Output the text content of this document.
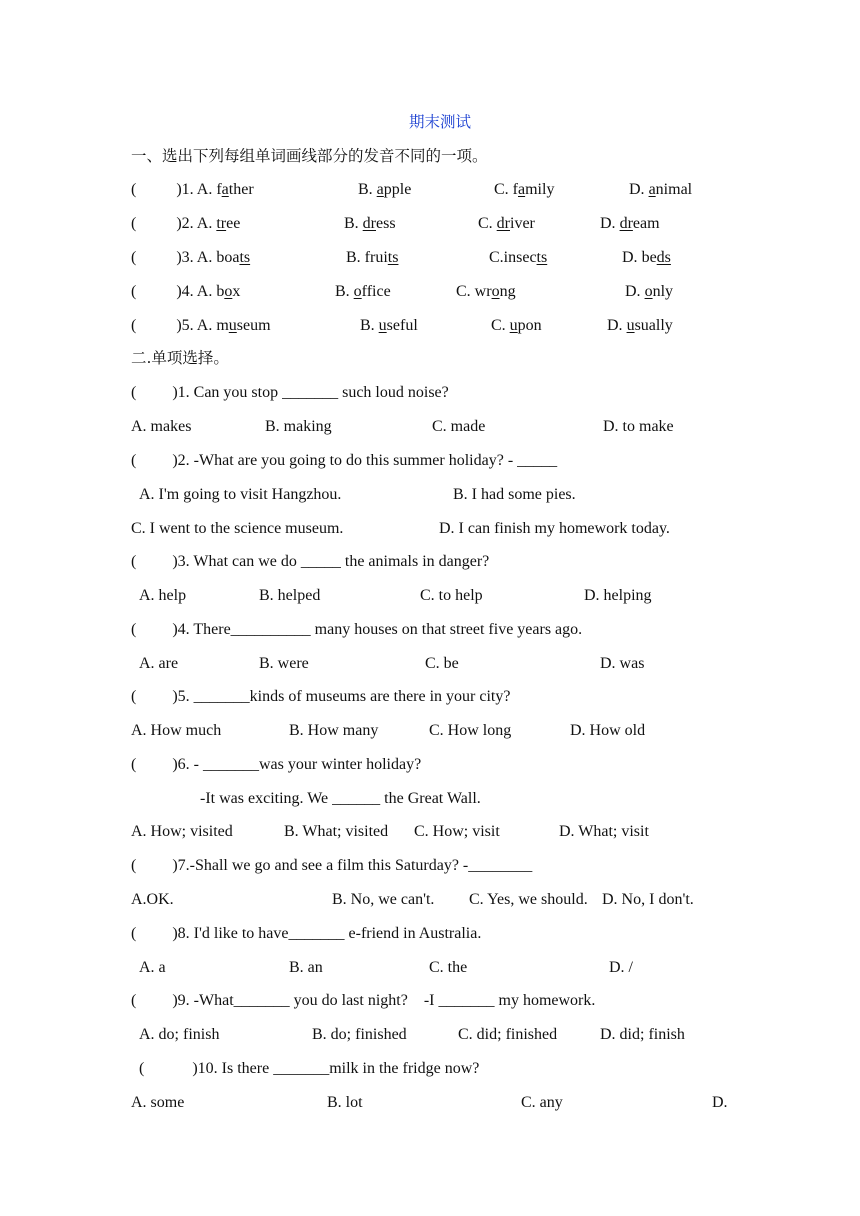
期末测试
一、选出下列每组单词画线部分的发音不同的一项。
(          )1. A. father	B. apple	C. family	D. animal
(          )2. A. tree	B. dress	C. driver	D. dream
(          )3. A. boats	B. fruits	C.insects	D. beds
(          )4. A. box	B. office	C. wrong	D. only
(          )5. A. museum	B. useful	C. upon	D. usually
二.单项选择。
(         )1. Can you stop _______ such loud noise?
A. makes	B. making	C. made	D. to make
(         )2. -What are you going to do this summer holiday? - _____
A. I'm going to visit Hangzhou.	B. I had some pies.
C. I went to the science museum.	D. I can finish my homework today.
(         )3. What can we do _____ the animals in danger?
A. help	B. helped	C. to help	D. helping
(         )4. There__________ many houses on that street five years ago.
A. are	B. were	C. be	D. was
(         )5. _______kinds of museums are there in your city?
A. How much	B. How many	C. How long	D. How old
(         )6. - _______was your winter holiday?
-It was exciting. We ______ the Great Wall.
A. How; visited	B. What; visited C. How; visit	D. What; visit
(         )7.-Shall we go and see a film this Saturday? -________
A.OK.	B. No, we can't. C. Yes, we should. D. No, I don't.
(         )8. I'd like to have_______ e-friend in Australia.
A. a	B. an	C. the	D. /
(         )9. -What_______ you do last night?    -I _______ my homework.
A. do; finish	B. do; finished	C. did; finished	D. did; finish
(            )10. Is there _______milk in the fridge now?
A. some	B. lot	C. any	D.
